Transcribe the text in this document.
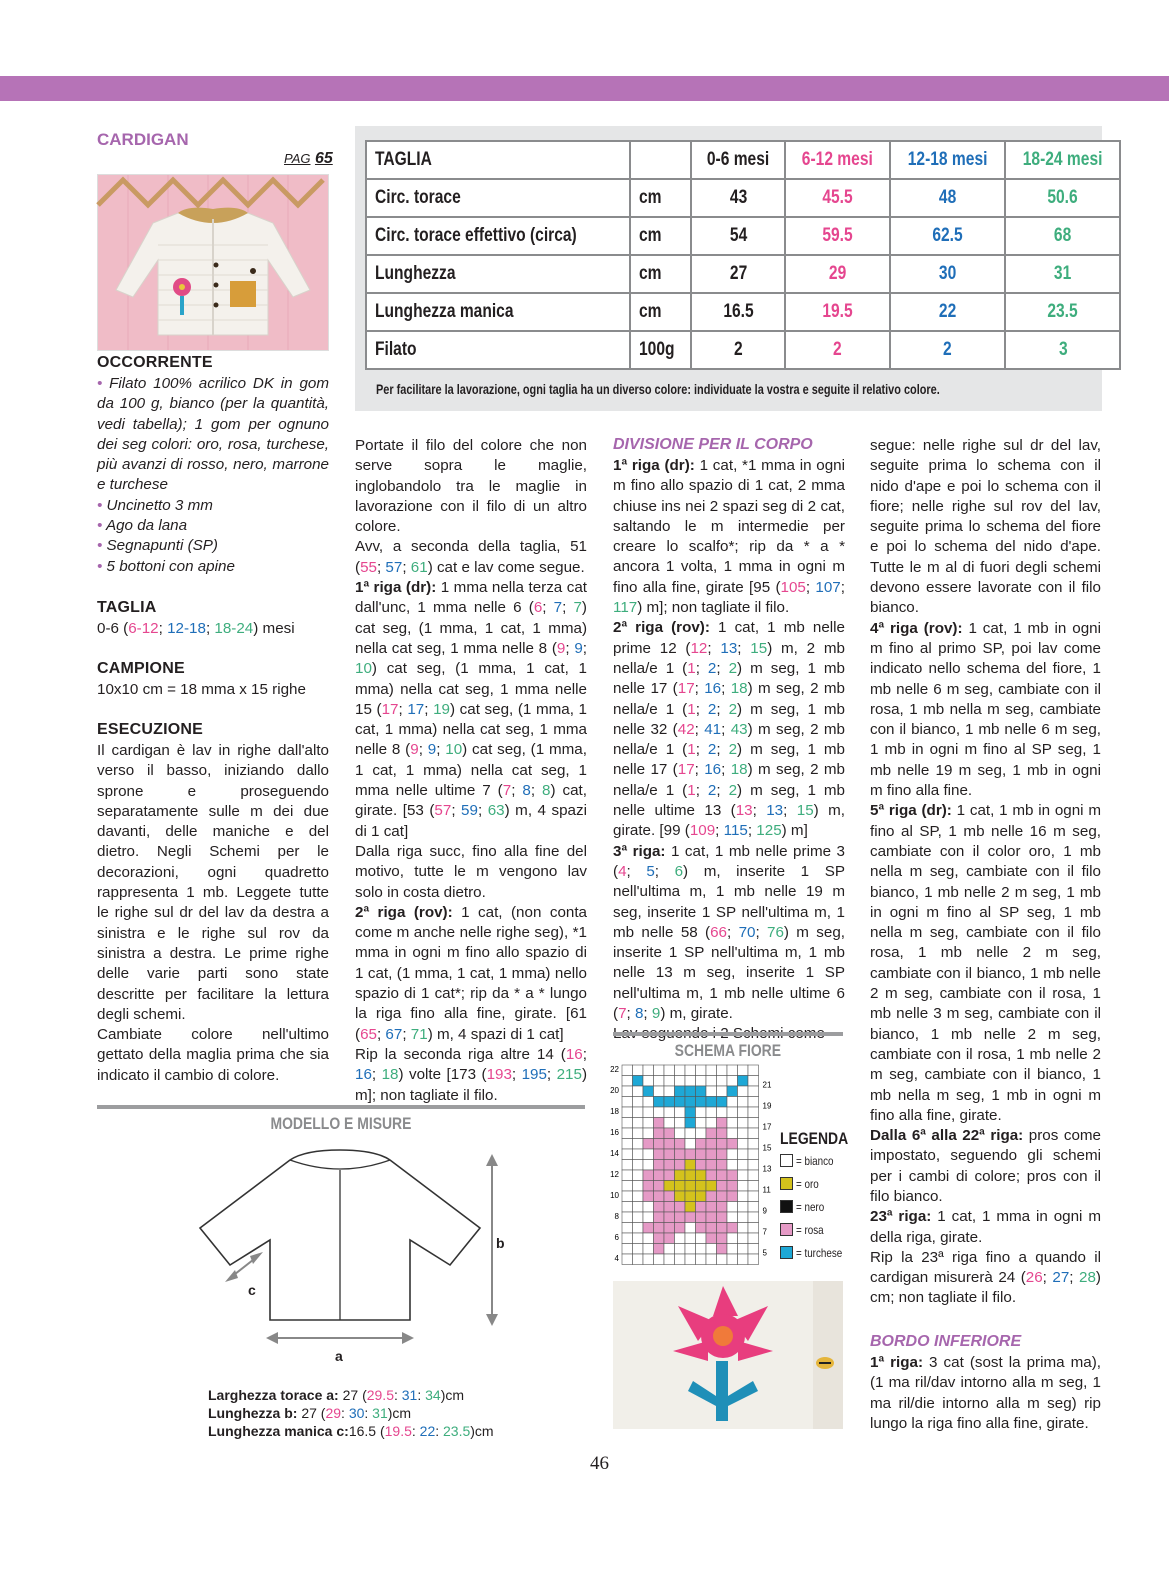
CARDIGAN
PAG 65
OCCORRENTE
• Filato 100% acrilico DK in gom da 100 g, bianco (per la quantità, vedi tabella); 1 gom per ognuno dei seg colori: oro, rosa, turchese, più avanzi di rosso, nero, marrone e turchese
• Uncinetto 3 mm
• Ago da lana
• Segnapunti (SP)
• 5 bottoni con apine
TAGLIA
0-6 (6-12; 12-18; 18-24) mesi
CAMPIONE
10x10 cm = 18 mma x 15 righe
ESECUZIONE

Il cardigan è lav in righe dall'alto verso il basso, iniziando dallo sprone e proseguendo separatamente sulle m dei due davanti, delle maniche e del dietro. Negli Schemi per le decorazioni, ogni quadretto rappresenta 1 mb. Leggete tutte le righe sul dr del lav da destra a sinistra e le righe sul rov da sinistra a destra. Le prime righe delle varie parti sono state descritte per facilitare la lettura degli schemi.

Cambiate colore nell'ultimo gettato della maglia prima che sia indicato il cambio di colore.

TAGLIA		0-6 mesi	6-12 mesi	12-18 mesi	18-24 mesi
Circ. torace	cm	43	45.5	48	50.6
Circ. torace effettivo (circa)	cm	54	59.5	62.5	68
Lunghezza	cm	27	29	30	31
Lunghezza manica	cm	16.5	19.5	22	23.5
Filato	100g	2	2	2	3
Per facilitare la lavorazione, ogni taglia ha un diverso colore: individuate la vostra e seguite il relativo colore.

Portate il filo del colore che non serve sopra le maglie, inglobandolo tra le maglie in lavorazione con il filo di un altro colore.

Avv, a seconda della taglia, 51 (55; 57; 61) cat e lav come segue.

1ª riga (dr): 1 mma nella terza cat dall'unc, 1 mma nelle 6 (6; 7; 7) cat seg, (1 mma, 1 cat, 1 mma) nella cat seg, 1 mma nelle 8 (9; 9; 10) cat seg, (1 mma, 1 cat, 1 mma) nella cat seg, 1 mma nelle 15 (17; 17; 19) cat seg, (1 mma, 1 cat, 1 mma) nella cat seg, 1 mma nelle 8 (9; 9; 10) cat seg, (1 mma, 1 cat, 1 mma) nella cat seg, 1 mma nelle ultime 7 (7; 8; 8) cat, girate. [53 (57; 59; 63) m, 4 spazi di 1 cat]

Dalla riga succ, fino alla fine del motivo, tutte le m vengono lav solo in costa dietro.

2ª riga (rov): 1 cat, (non conta come m anche nelle righe seg), *1 mma in ogni m fino allo spazio di 1 cat, (1 mma, 1 cat, 1 mma) nello spazio di 1 cat*; rip da * a * lungo la riga fino alla fine, girate. [61 (65; 67; 71) m, 4 spazi di 1 cat]

Rip la seconda riga altre 14 (16; 16; 18) volte [173 (193; 195; 215) m]; non tagliate il filo.

DIVISIONE PER IL CORPO

1ª riga (dr): 1 cat, *1 mma in ogni m fino allo spazio di 1 cat, 2 mma chiuse ins nei 2 spazi seg di 2 cat, saltando le m intermedie per creare lo scalfo*; rip da * a * ancora 1 volta, 1 mma in ogni m fino alla fine, girate [95 (105; 107; 117) m]; non tagliate il filo.

2ª riga (rov): 1 cat, 1 mb nelle prime 12 (12; 13; 15) m, 2 mb nella/e 1 (1; 2; 2) m seg, 1 mb nelle 17 (17; 16; 18) m seg, 2 mb nella/e 1 (1; 2; 2) m seg, 1 mb nelle 32 (42; 41; 43) m seg, 2 mb nella/e 1 (1; 2; 2) m seg, 1 mb nelle 17 (17; 16; 18) m seg, 2 mb nella/e 1 (1; 2; 2) m seg, 1 mb nelle ultime 13 (13; 13; 15) m, girate. [99 (109; 115; 125) m]

3ª riga: 1 cat, 1 mb nelle prime 3 (4; 5; 6) m, inserite 1 SP nell'ultima m, 1 mb nelle 19 m seg, inserite 1 SP nell'ultima m, 1 mb nelle 58 (66; 70; 76) m seg, inserite 1 SP nell'ultima m, 1 mb nelle 13 m seg, inserite 1 SP nell'ultima m, 1 mb nelle ultime 6 (7; 8; 9) m, girate.

SCHEMA FIORE
22
20
18
16
14
12
10
8
6
4
21
19
17
15
13
11
9
7
5
LEGENDA
= bianco
= oro
= nero
= rosa
= turchese

segue: nelle righe sul dr del lav, seguite prima lo schema con il nido d'ape e poi lo schema con il fiore; nelle righe sul rov del lav, seguite prima lo schema del fiore e poi lo schema del nido d'ape. Tutte le m al di fuori degli schemi devono essere lavorate con il filo bianco.

4ª riga (rov): 1 cat, 1 mb in ogni m fino al primo SP, poi lav come indicato nello schema del fiore, 1 mb nelle 6 m seg, cambiate con il rosa, 1 mb nella m seg, cambiate con il bianco, 1 mb nelle 6 m seg, 1 mb in ogni m fino al SP seg, 1 mb nelle 19 m seg, 1 mb in ogni m fino alla fine.

5ª riga (dr): 1 cat, 1 mb in ogni m fino al SP, 1 mb nelle 16 m seg, cambiate con il color oro, 1 mb nella m seg, cambiate con il filo bianco, 1 mb nelle 2 m seg, 1 mb in ogni m fino al SP seg, 1 mb nella m seg, cambiate con il filo rosa, 1 mb nelle 2 m seg, cambiate con il bianco, 1 mb nelle 2 m seg, cambiate con il rosa, 1 mb nelle 3 m seg, cambiate con il bianco, 1 mb nelle 2 m seg, cambiate con il rosa, 1 mb nelle 2 m seg, cambiate con il bianco, 1 mb nella m seg, 1 mb in ogni m fino alla fine, girate.

Dalla 6ª alla 22ª riga: pros come impostato, seguendo gli schemi per i cambi di colore; pros con il filo bianco.

23ª riga: 1 cat, 1 mma in ogni m della riga, girate.

Rip la 23ª riga fino a quando il cardigan misurerà 24 (26; 27; 28) cm; non tagliate il filo.

BORDO INFERIORE

1ª riga: 3 cat (sost la prima ma), (1 ma ril/dav intorno alla m seg, 1 ma ril/die intorno alla m seg) rip lungo la riga fino alla fine, girate.

MODELLO E MISURE
b
a
c
Larghezza torace a: 27 (29.5: 31: 34)cm
Lunghezza b: 27 (29: 30: 31)cm
Lunghezza manica c:16.5 (19.5: 22: 23.5)cm
46
